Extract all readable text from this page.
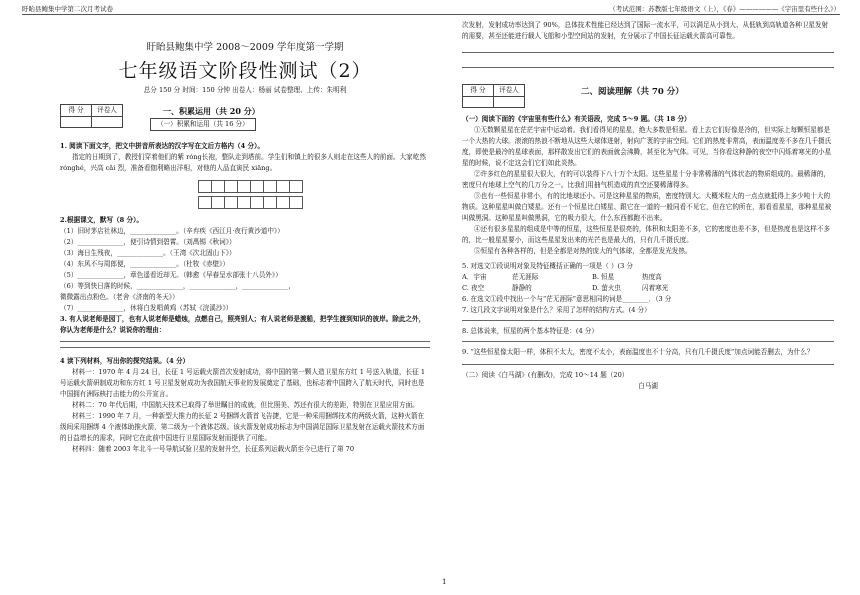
盱眙县鲍集中学第二次月考试卷	（考试范围：苏教版七年级语文（上），《春》——————《宇宙里有些什么》）
盱眙县鲍集中学 2008～2009 学年度第一学期
七年级语文阶段性测试（2）
总分 150 分 时间：150 分钟 出卷人：杨丽 试卷整理、上传：朱明利
得 分	评卷人
		一、积累运用（共 20 分）
（一）积累和运用（共 16 分）

1. 阅读下面文字，把文中拼音所表达的汉字写在文后方格内（4 分）。

指定的日期到了，教授们穿着他们的紫 róng长袍，整队走到塔前。学生们和镇上的很多人则走在这些人的前面。大家屹然 rónghé，兴高 cǎi 烈，准备看伽利略出洋相，对他的人品直寅民 xiāng。

2.根据课文，默写（8 分）。

（1）旧时茅店社林边，______________。（辛弃疾《西江月·夜行黄沙道中》）

（2）______________，便引诗情到碧霄。（刘禹锡《秋词》）

（3）海日生残夜，______________。（王湾《次北固山下》）

（4）东风不与周郎便，______________。（杜牧《赤壁》）

（5）______________，章色遥看近却无。（韩愈《早春呈水部张十八员外》）

（6）等到快日落的时候，______________，______________，______________，

微微露出点粉色。（老舍《济南的冬天》）

（7）______________，休将白发唱黄鸡（苏轼《浣溪沙》）

3. 有人说老师是园丁，也有人说老师是蜡烛，点燃自己，照亮别人；有人说老师是渡船，把学生渡到知识的彼岸。除此之外，你认为老师是什么？说说你的理由：

4 读下列材料，写出你的探究结果。（4 分）

材料一：1970 年 4 月 24 日，长征 1 号运载火箭首次发射成功，将中国的第一颗人造卫星东方红 1 号送入轨道，长征 1 号运载火箭研制成功和东方红 1 号卫星发射成功为我国航天事业的发展奠定了基础，也标志着中国跨入了航天时代，同时也是中国拥有洲际核打击能力的公开宣言。

材料二：70 年代后期，中国航天技术已取得了举世瞩目的成就，但比照美、苏还有很大的差距，特别在卫星应用方面。

材料三：1990 年 7 月，一种新型大推力的长征 2 号捆绑火箭首飞告捷，它是一种采用捆绑技术的两级火箭，这种火箭在级间采用捆绑 4 个液体助推火箭，第二级为一个液体芯级。该火箭发射成功标志为中国满足国际卫星发射在运载火箭技术方面的日益增长的需求，同时它在此前中国进行卫星国际发射而提供了可能。

材料四：随着 2003 年北斗一号导航试验卫星的发射升空，长征系列运载火箭至今已进行了第 70

次发射，发射成功率达到了 90%，总体技术性能已经达到了国际一流水平，可以满足从小到大、从低轨到高轨道各种卫星发射的需要，甚至还能进行载人飞船和小型空间站的发射，充分展示了中国长征运载火箭高可靠性。

得 分	评卷人
		二、阅读理解（共 70 分）

（一）阅读下面的《宇宙里有些什么》有关语段，完成 5～9 题。（共 18 分）

①无数颗星星在茫茫宇宙中运动着。我们看得见的星星，绝大多数是恒星。看上去它们好像是冷的，但实际上每颗恒星都是一个大热的大球。滚滚的热浪不断地从这些大球体迸射，射向广袤的宇宙空间。它们的热度非常高，表面温度差不多在几千摄氏度，即使是最冷的星球表面，那样散发出它们的表面就会沸腾，甚至化为气体。可见，当你看这种静的夜空中闪烁着寒光的小星星的时候，说不定这会们它们如此炎热。

②许多红色的星星很大很大，有的可以装得下八十万个太阳。这些星星十分非常稀薄的气体状态的物质组成的。最稀薄的，密度只有地球上空气的几万分之一。比我们用抽气机造成的真空还要稀薄得多。

③也有一些恒星非常小，有的比地球还小。可是这种星星的物质，密度特别大。大概米粒大的一点点就抵得上多少吨十大的物质。这种星星叫做白矮星。还有一个恒星比白矮星、跟它在一道的一般同看不见它，但在它的所在，那看看星星，那种星星被叫做黑洞。这种星星叫做黑洞，它的吸力很大，什么东西都跑不出来。

④还有很多星星的组成是中等的恒星，这些恒星是很亮的，体积和太阳差不多，它的密度也差不多，但是热度也是这样不多的，比一般星星要小，而这些星星发出来的光芒也是最大的，只有几千摄氏度。

⑤恒星有各种各样的，但是全都是对热的庞大的气体球，全都是发光发热。

5. 对选文①段说明对象及特征概括正确的一项是（ ）(3 分

A．宇宙	茫无涯际	B. 恒星	热度高
C. 夜空	静静的	D. 萤火虫	闪着寒光

6. 在选文①段中找出一个与“茫无涯际”意思相同的词是________．（3 分

7. 这几段文字说明对象是什么？采用了怎样的结构方式。(4 分）

8. 总体说来，恒星的两个基本特征是：(4 分）

9. “这些恒星像太阳一样，体积不太大，密度不太小，表面温度也不十分高，只有几千摄氏度”加点词能否删去，为什么？

（二）阅读《白马湖》(有删改)，完成 10～14 题（20）

白马湖

1
